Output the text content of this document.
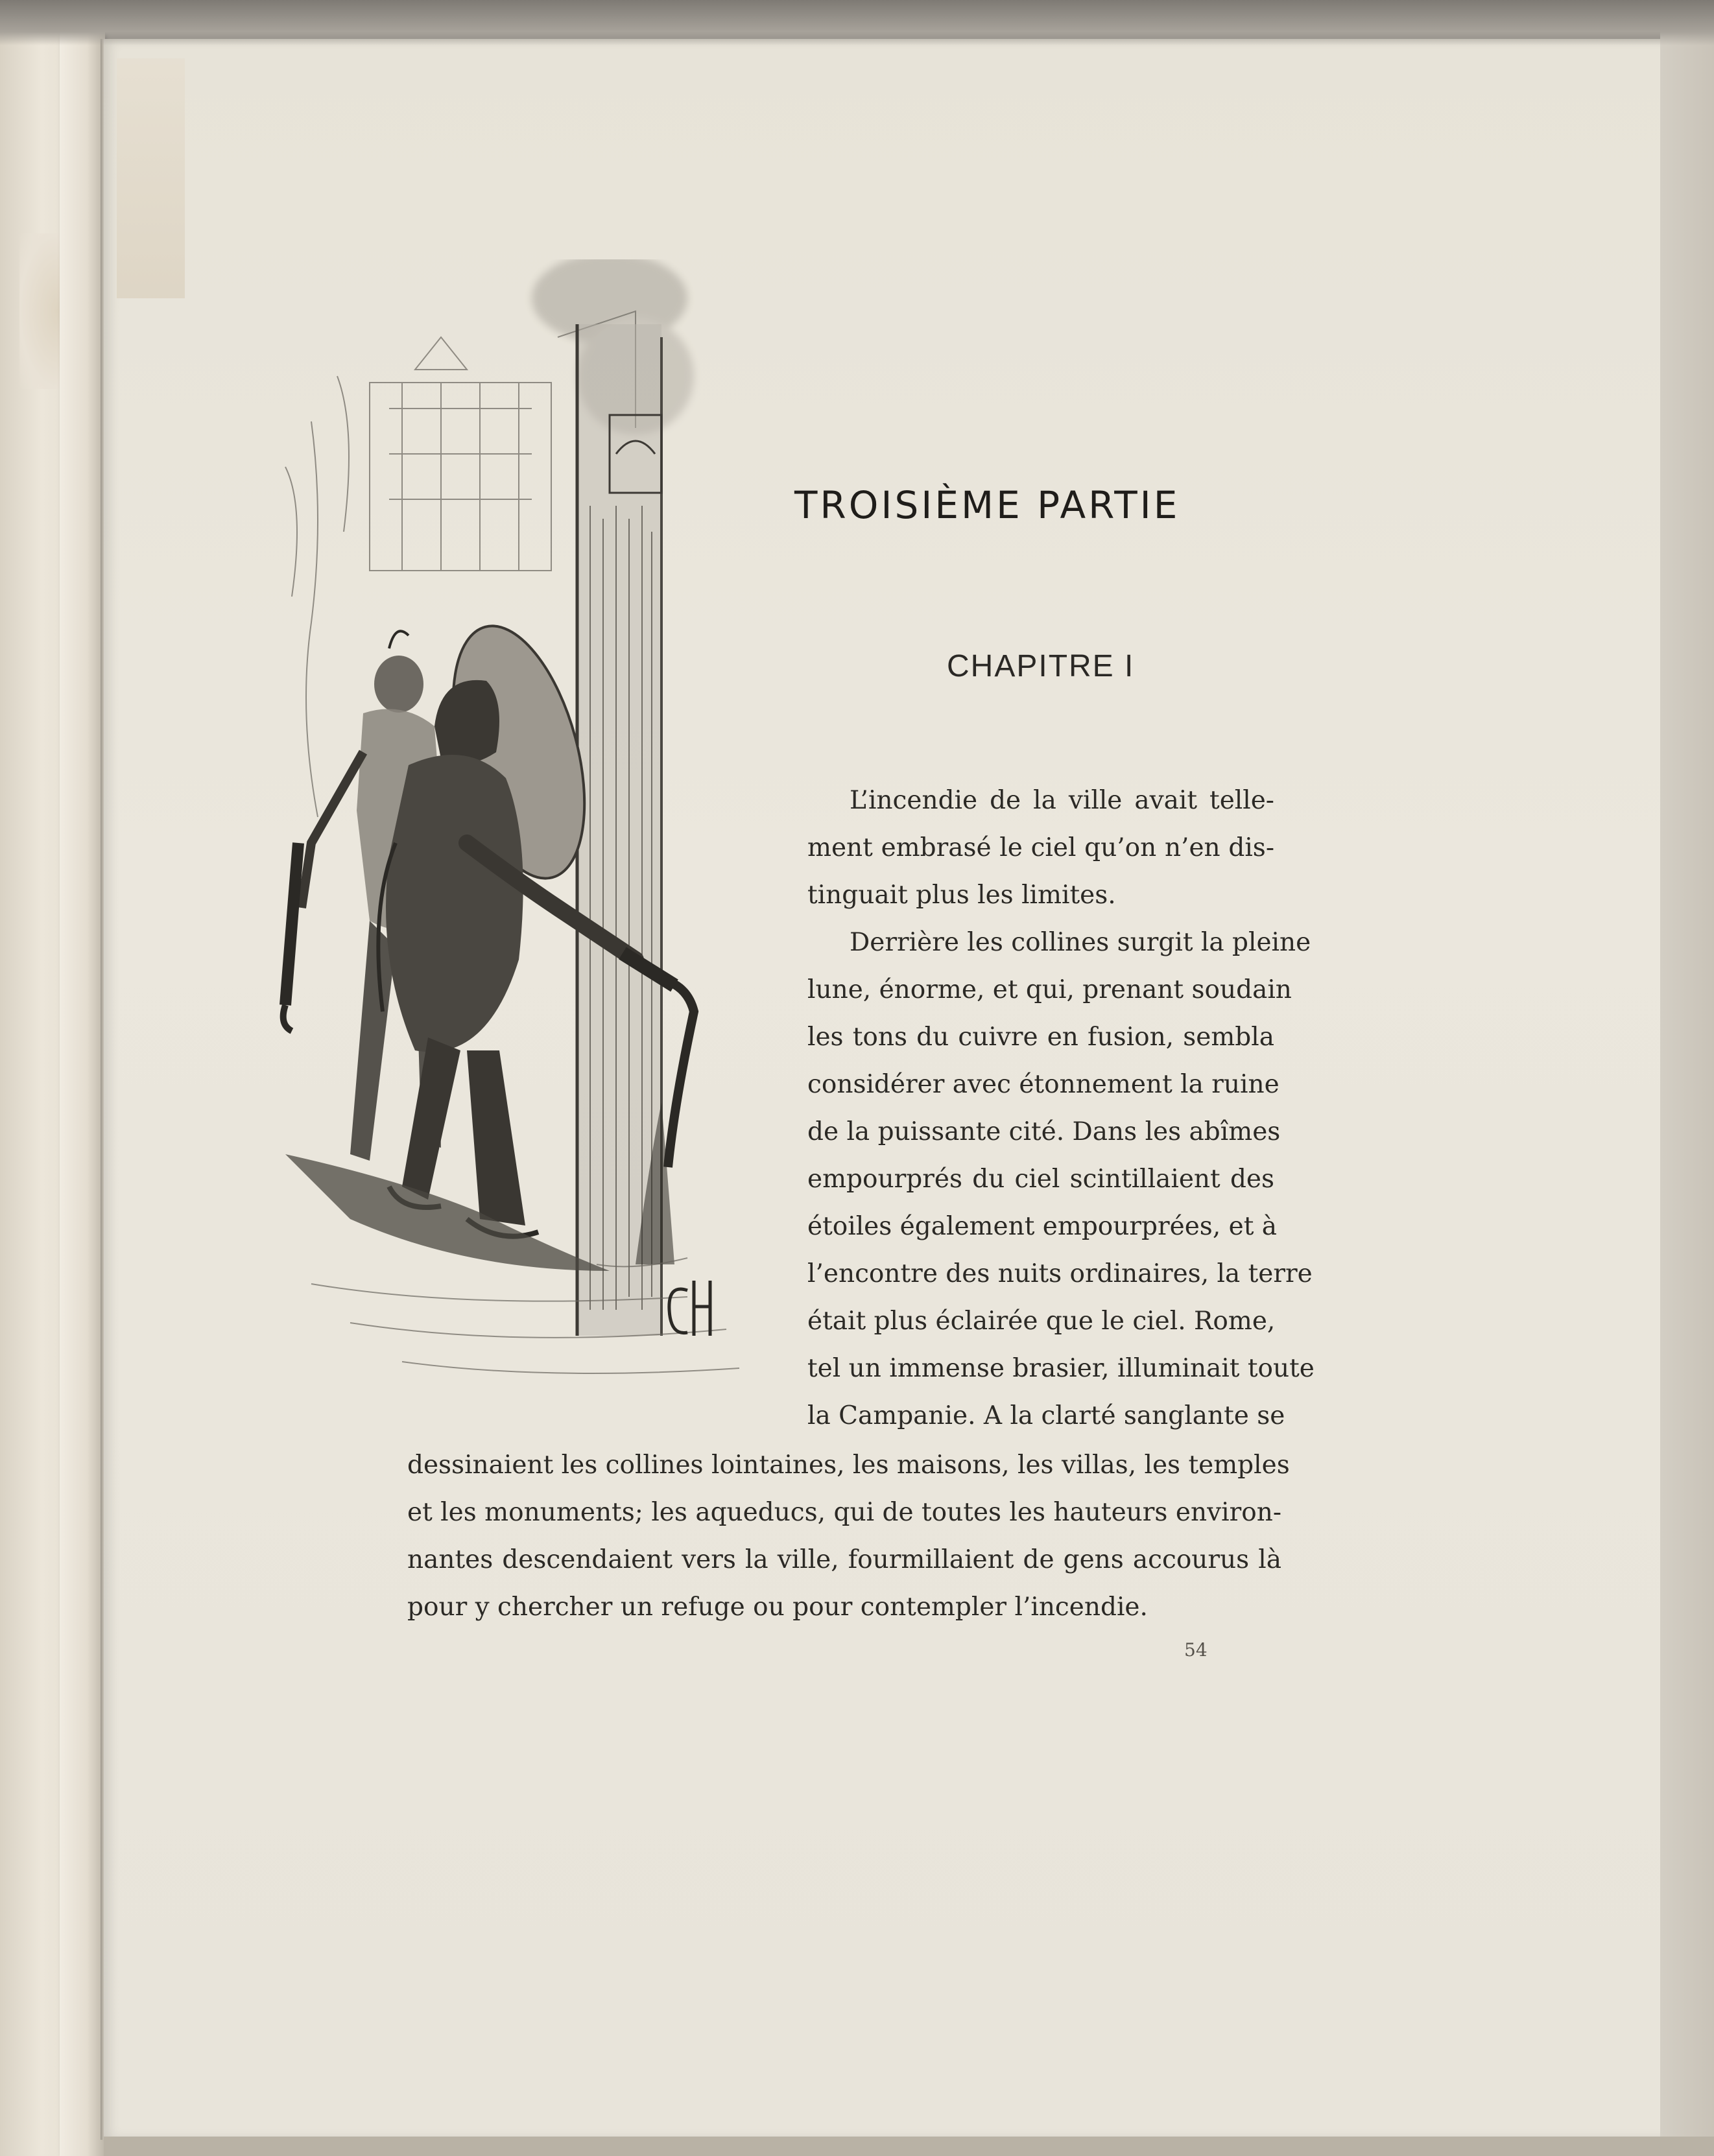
TROISIÈME PARTIE
CHAPITRE I
L’incendie de la ville avait telle-
ment embrasé le ciel qu’on n’en dis-
tinguait plus les limites.
Derrière les collines surgit la pleine
lune, énorme, et qui, prenant soudain
les tons du cuivre en fusion, sembla
considérer avec étonnement la ruine
de la puissante cité. Dans les abîmes
empourprés du ciel scintillaient des
étoiles également empourprées, et à
l’encontre des nuits ordinaires, la terre
était plus éclairée que le ciel. Rome,
tel un immense brasier, illuminait toute
la Campanie. A la clarté sanglante se
dessinaient les collines lointaines, les maisons, les villas, les temples
et les monuments; les aqueducs, qui de toutes les hauteurs environ-
nantes descendaient vers la ville, fourmillaient de gens accourus là
pour y chercher un refuge ou pour contempler l’incendie.
54
